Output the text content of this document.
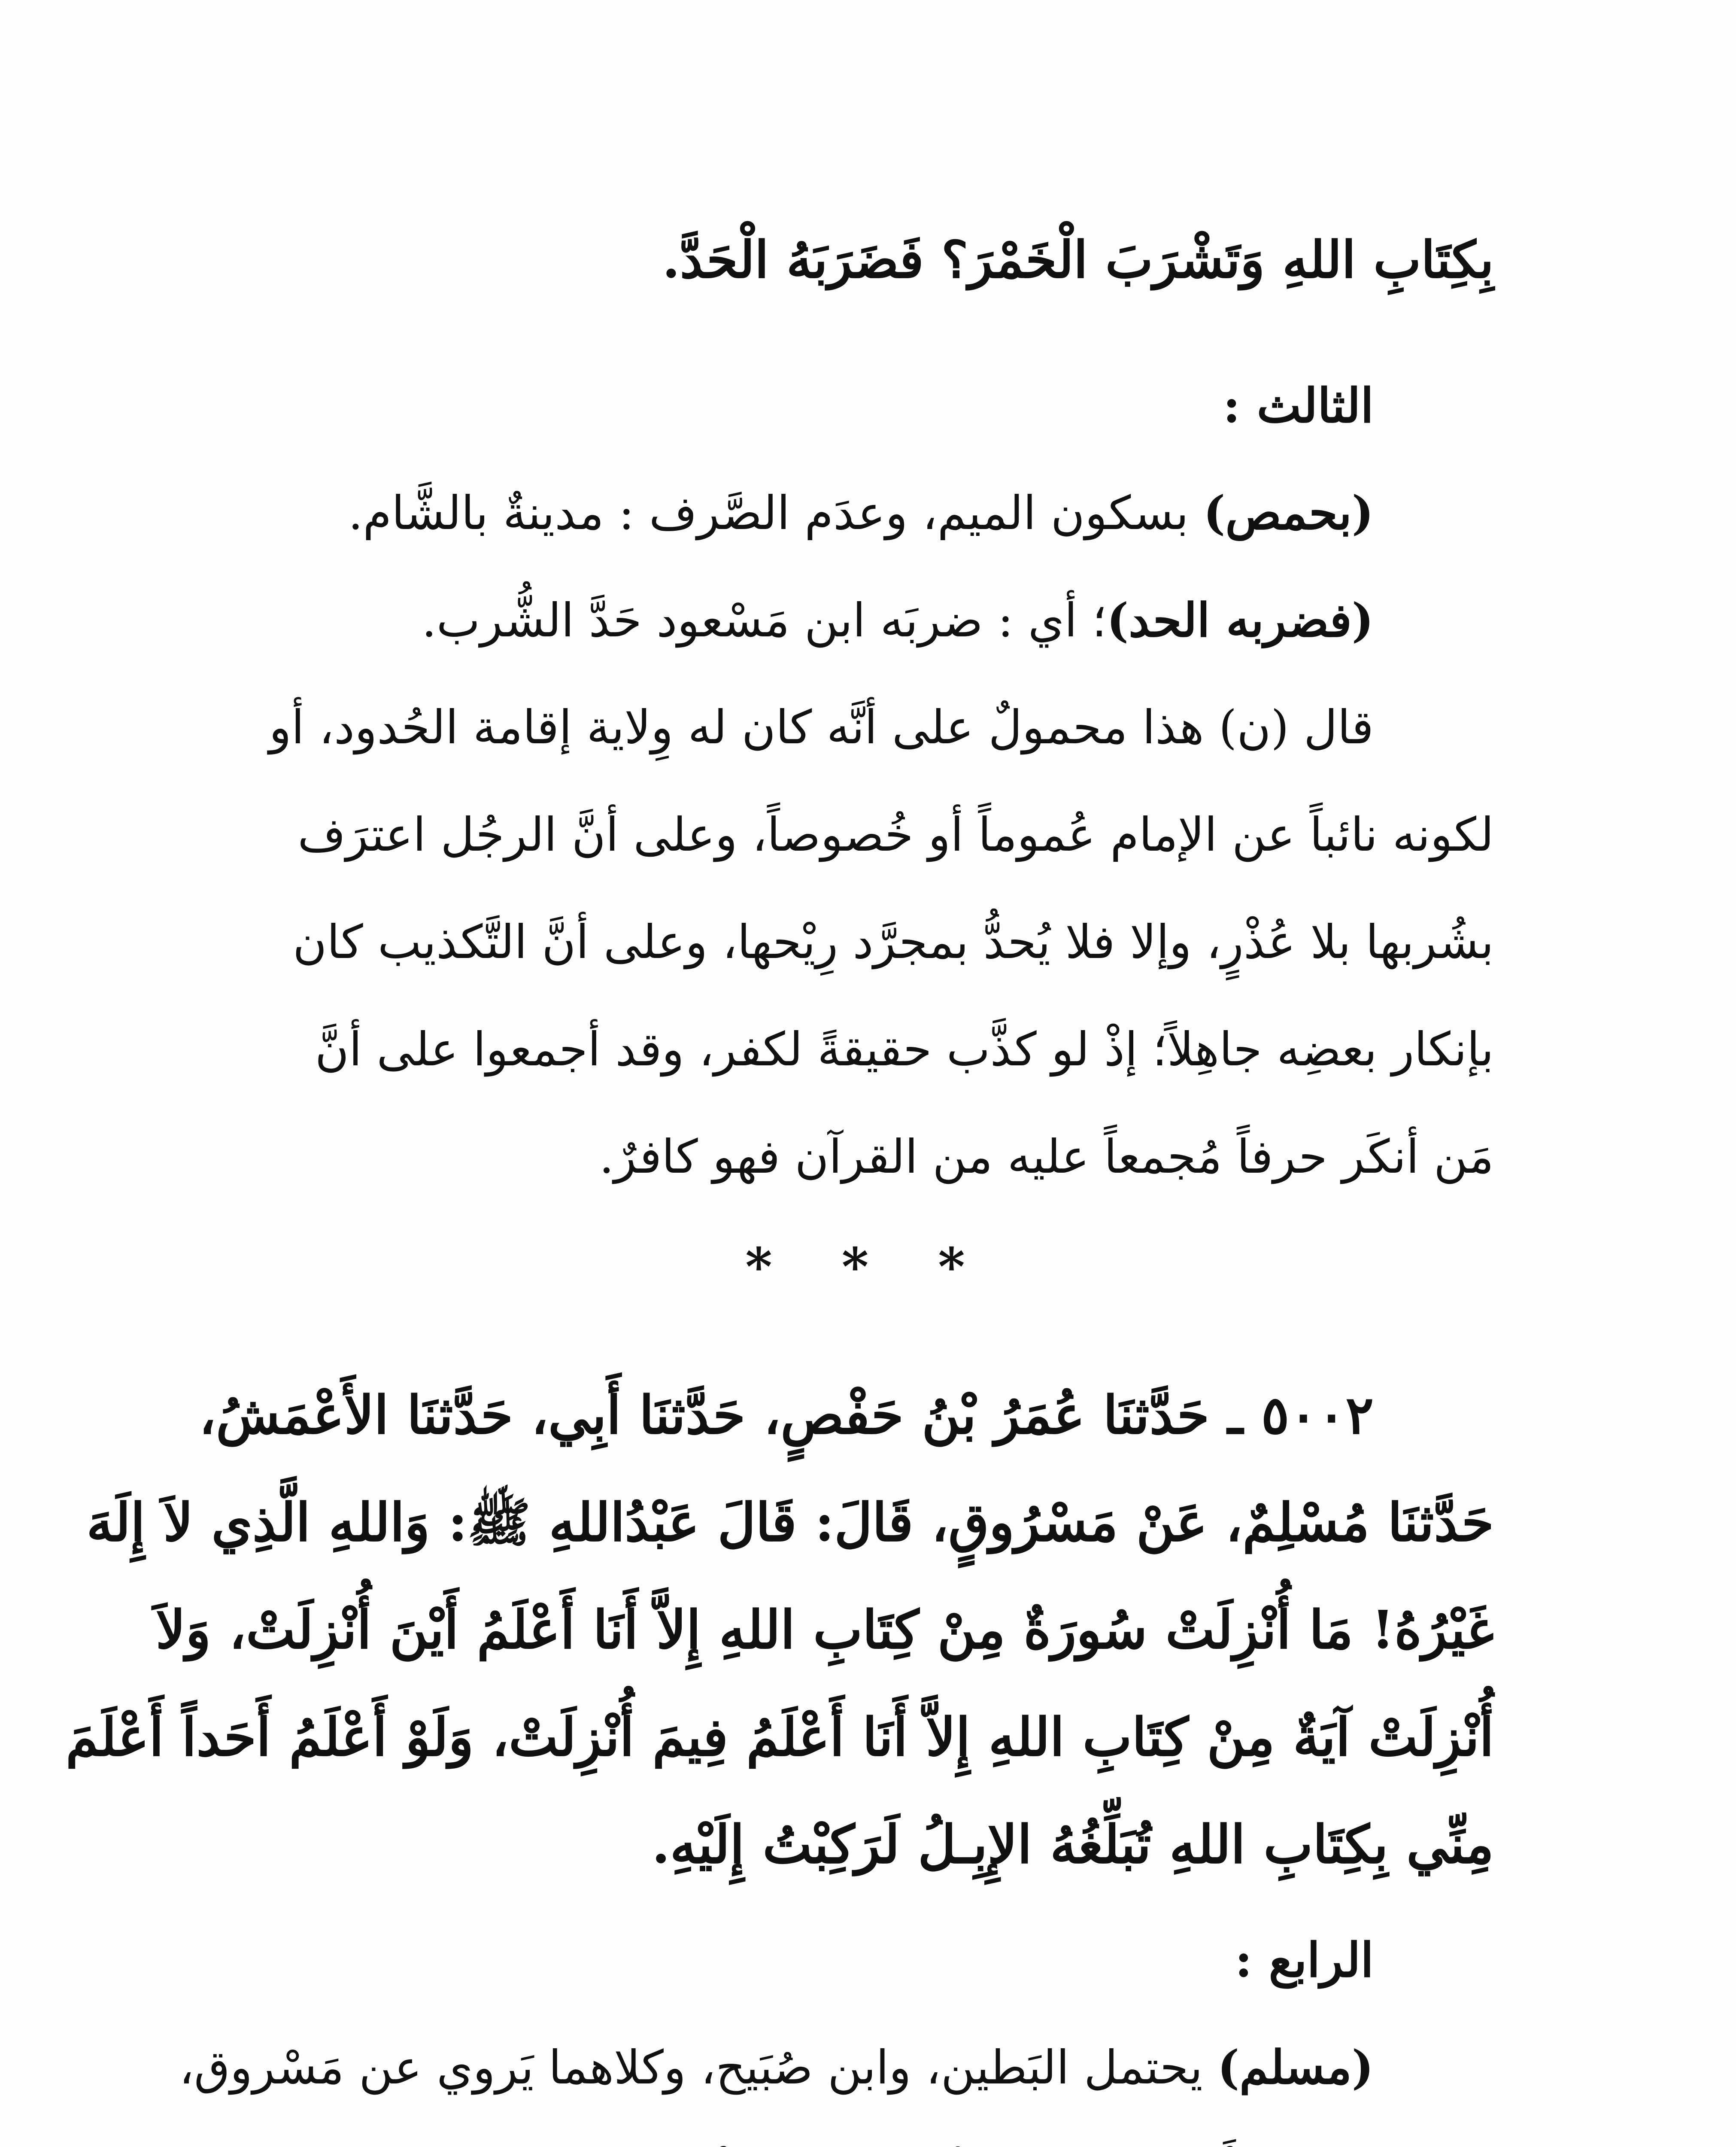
بِكِتَابِ اللهِ وَتَشْرَبَ الْخَمْرَ؟ فَضَرَبَهُ الْحَدَّ.
الثالث :
(بحمص) بسكون الميم، وعدَم الصَّرف : مدينةٌ بالشَّام.
(فضربه الحد)؛ أي : ضربَه ابن مَسْعود حَدَّ الشُّرب.
قال (ن) هذا محمولٌ على أنَّه كان له وِلاية إقامة الحُدود، أو
لكونه نائباً عن الإمام عُموماً أو خُصوصاً، وعلى أنَّ الرجُل اعترَف
بشُربها بلا عُذْرٍ، وإلا فلا يُحدُّ بمجرَّد رِيْحها، وعلى أنَّ التَّكذيب كان
بإنكار بعضِه جاهِلاً؛ إذْ لو كذَّب حقيقةً لكفر، وقد أجمعوا على أنَّ
مَن أنكَر حرفاً مُجمعاً عليه من القرآن فهو كافرٌ.
* * *
٥٠٠٢ ـ حَدَّثنَا عُمَرُ بْنُ حَفْصٍ، حَدَّثنَا أَبِي، حَدَّثنَا الأَعْمَشُ،
حَدَّثنَا مُسْلِمٌ، عَنْ مَسْرُوقٍ، قَالَ: قَالَ عَبْدُاللهِ ﷺ: وَاللهِ الَّذِي لاَ إِلَهَ
غَيْرُهُ! مَا أُنْزِلَتْ سُورَةٌ مِنْ كِتَابِ اللهِ إِلاَّ أَنَا أَعْلَمُ أَيْنَ أُنْزِلَتْ، وَلاَ
أُنْزِلَتْ آيَةٌ مِنْ كِتَابِ اللهِ إِلاَّ أَنَا أَعْلَمُ فِيمَ أُنْزِلَتْ، وَلَوْ أَعْلَمُ أَحَداً أَعْلَمَ
مِنِّي بِكِتَابِ اللهِ تُبَلِّغُهُ الإِبِـلُ لَرَكِبْتُ إِلَيْهِ.
الرابع :
(مسلم) يحتمل البَطين، وابن صُبَيح، وكلاهما يَروي عن مَسْروق،
